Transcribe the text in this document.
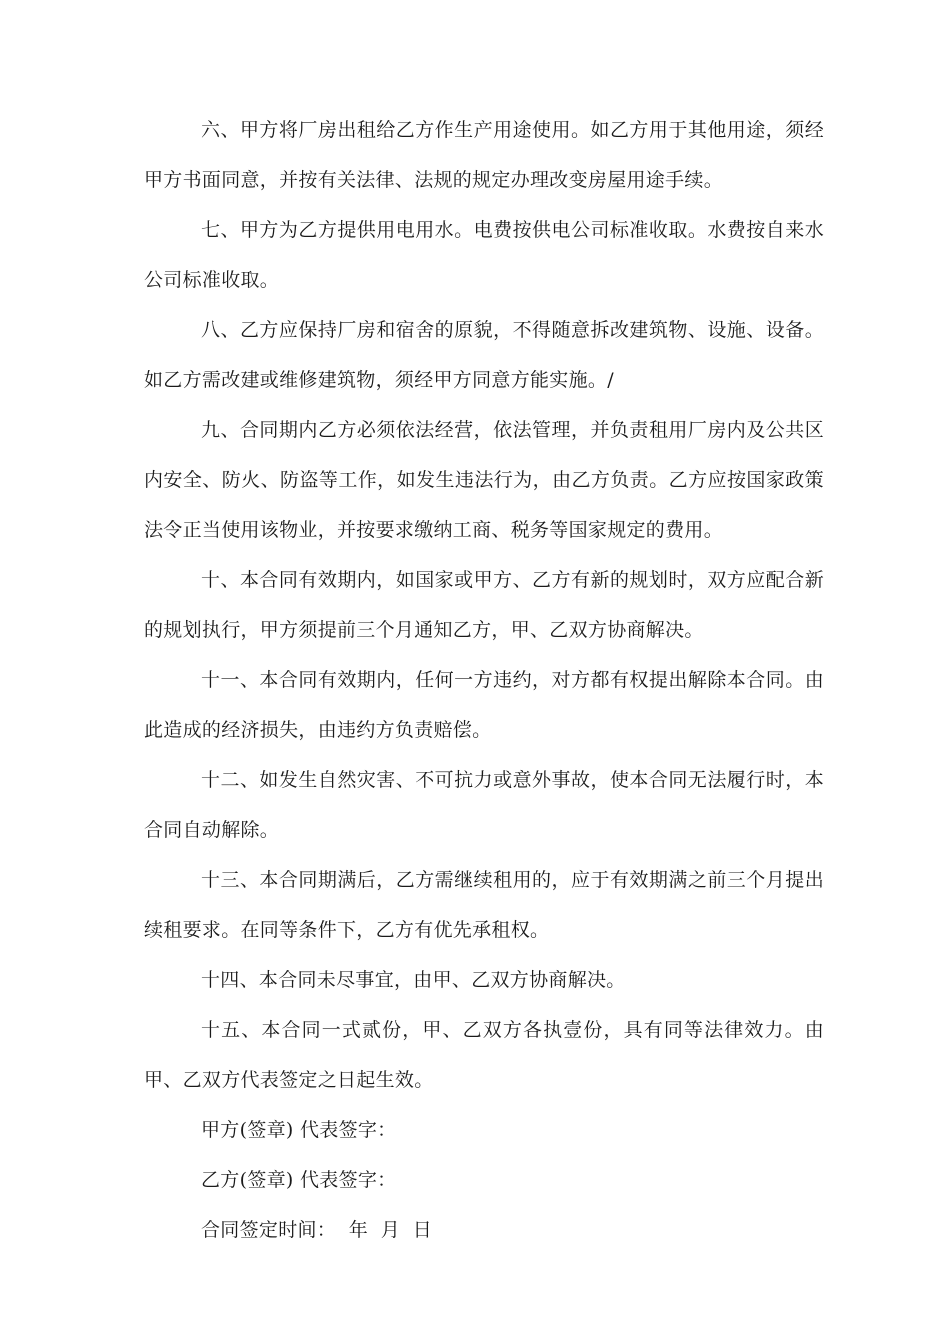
六、甲方将厂房出租给乙方作生产用途使用。如乙方用于其他用途，须经甲方书面同意，并按有关法律、法规的规定办理改变房屋用途手续。

七、甲方为乙方提供用电用水。电费按供电公司标准收取。水费按自来水公司标准收取。

八、乙方应保持厂房和宿舍的原貌，不得随意拆改建筑物、设施、设备。如乙方需改建或维修建筑物，须经甲方同意方能实施。/

九、合同期内乙方必须依法经营，依法管理，并负责租用厂房内及公共区内安全、防火、防盗等工作，如发生违法行为，由乙方负责。乙方应按国家政策法令正当使用该物业，并按要求缴纳工商、税务等国家规定的费用。

十、本合同有效期内，如国家或甲方、乙方有新的规划时，双方应配合新的规划执行，甲方须提前三个月通知乙方，甲、乙双方协商解决。

十一、本合同有效期内，任何一方违约，对方都有权提出解除本合同。由此造成的经济损失，由违约方负责赔偿。

十二、如发生自然灾害、不可抗力或意外事故，使本合同无法履行时，本合同自动解除。

十三、本合同期满后，乙方需继续租用的，应于有效期满之前三个月提出续租要求。在同等条件下，乙方有优先承租权。

十四、本合同未尽事宜，由甲、乙双方协商解决。

十五、本合同一式贰份，甲、乙双方各执壹份，具有同等法律效力。由甲、乙双方代表签定之日起生效。

甲方(签章) 代表签字：

乙方(签章) 代表签字：

合同签定时间：  年  月  日
